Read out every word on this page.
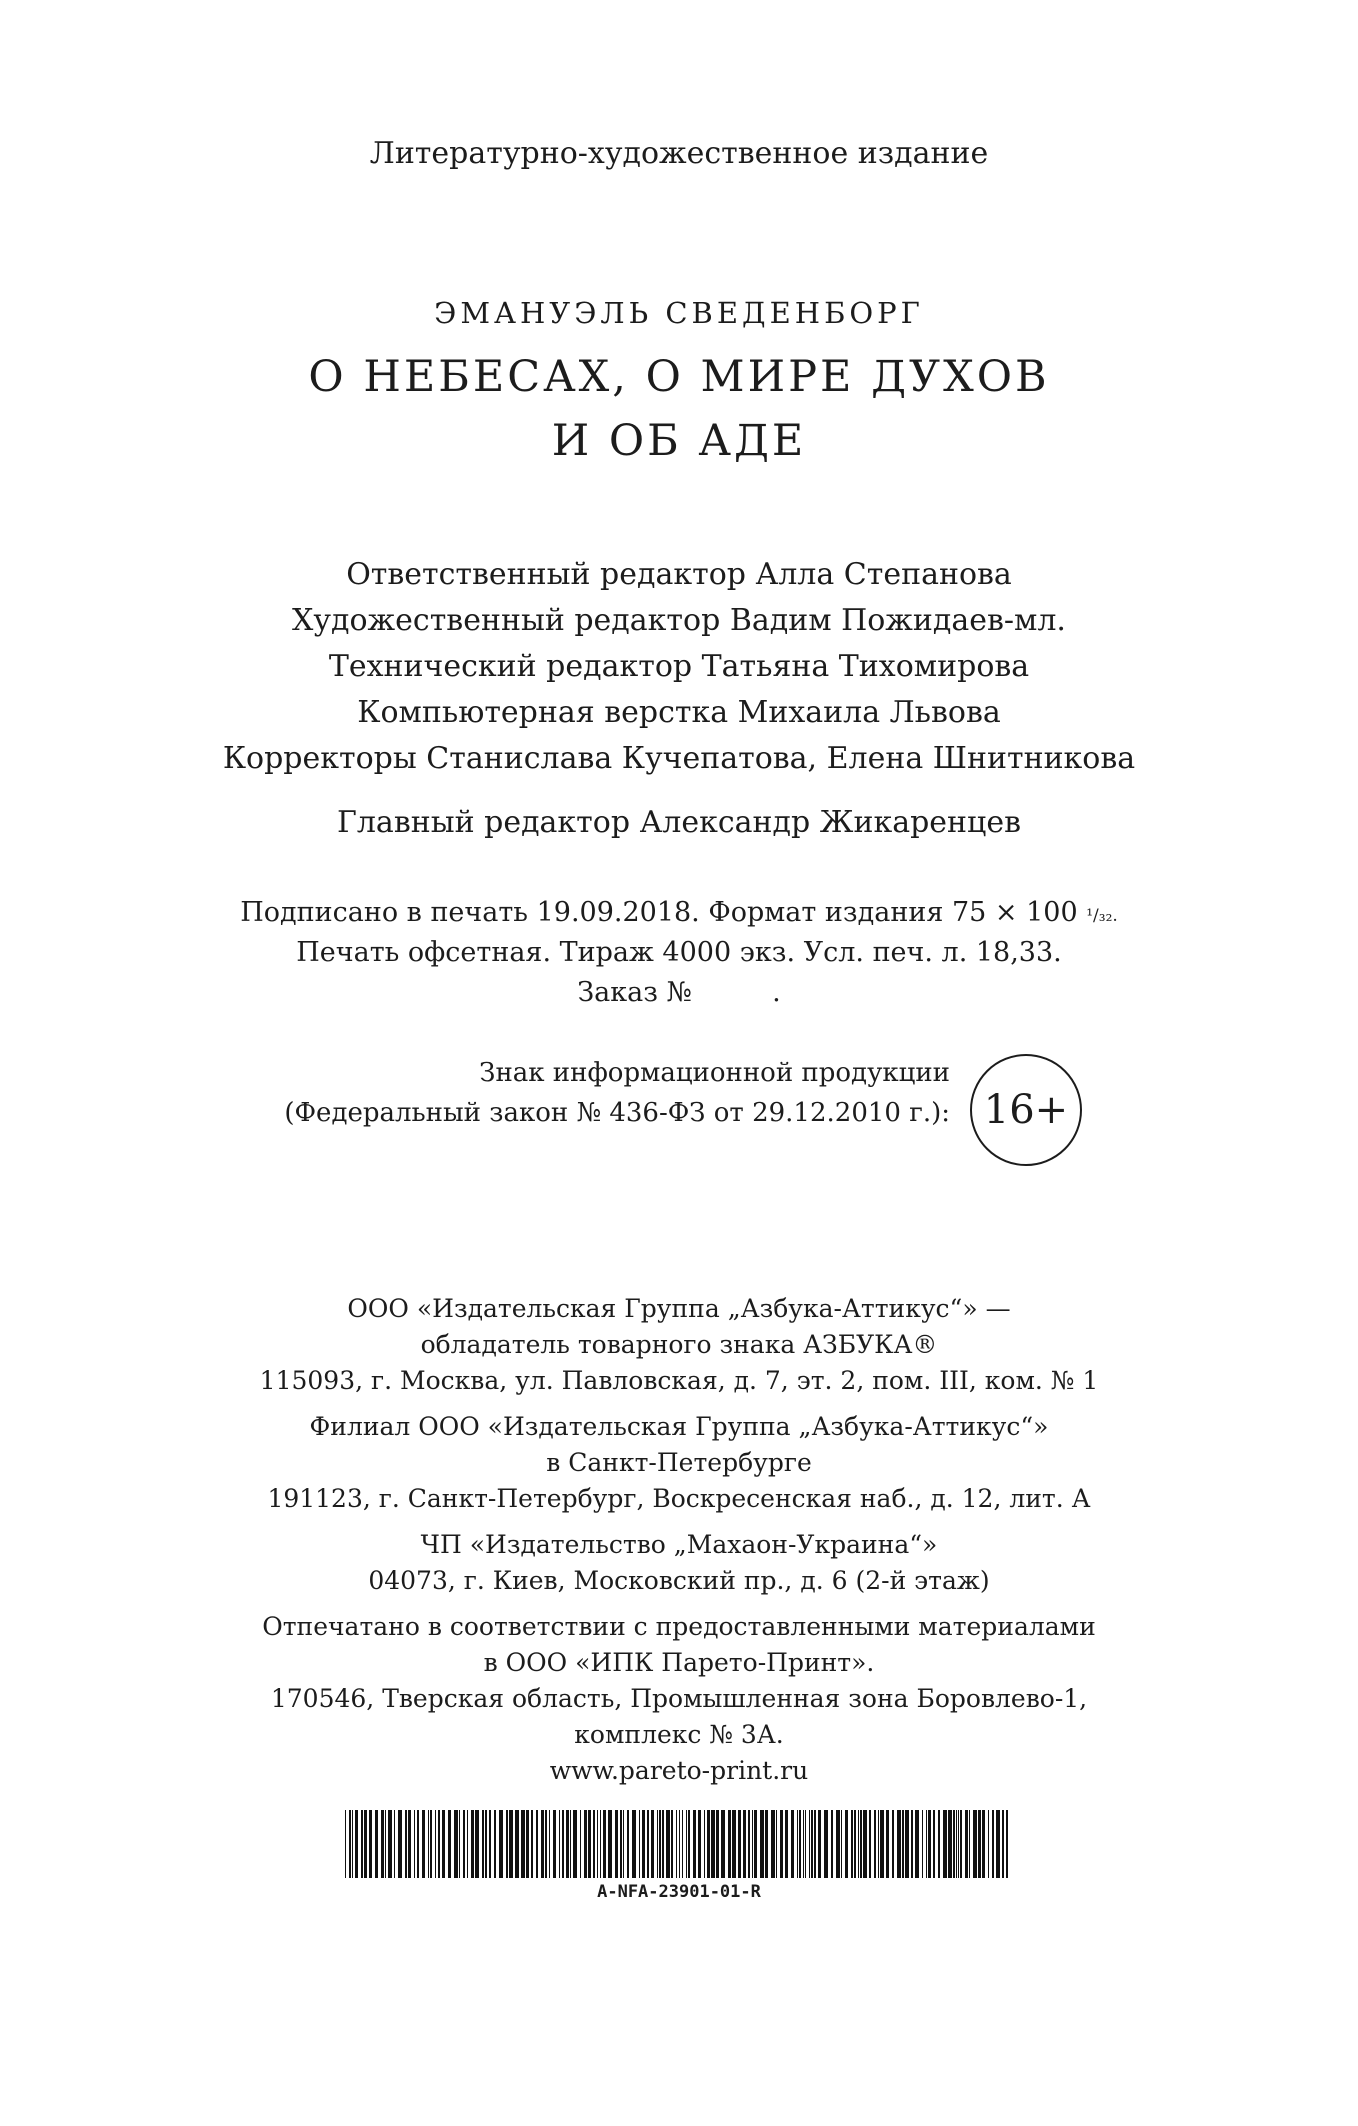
Литературно-художественное издание
ЭМАНУЭЛЬ СВЕДЕНБОРГ
О НЕБЕСАХ, О МИРЕ ДУХОВ
И ОБ АДЕ
Ответственный редактор Алла Степанова
Художественный редактор Вадим Пожидаев-мл.
Технический редактор Татьяна Тихомирова
Компьютерная верстка Михаила Львова
Корректоры Станислава Кучепатова, Елена Шнитникова
Главный редактор Александр Жикаренцев
Подписано в печать 19.09.2018. Формат издания 75 × 100 ¹/₃₂.
Печать офсетная. Тираж 4000 экз. Усл. печ. л. 18,33.
Заказ №	.
Знак информационной продукции
(Федеральный закон № 436-ФЗ от 29.12.2010 г.): 16+
ООО «Издательская Группа „Азбука-Аттикус“» —
обладатель товарного знака АЗБУКА®
115093, г. Москва, ул. Павловская, д. 7, эт. 2, пом. III, ком. № 1
Филиал ООО «Издательская Группа „Азбука-Аттикус“»
в Санкт-Петербурге
191123, г. Санкт-Петербург, Воскресенская наб., д. 12, лит. А
ЧП «Издательство „Махаон-Украина“»
04073, г. Киев, Московский пр., д. 6 (2-й этаж)
Отпечатано в соответствии с предоставленными материалами
в ООО «ИПК Парето-Принт».
170546, Тверская область, Промышленная зона Боровлево-1,
комплекс № 3А.
www.pareto-print.ru
A-NFA-23901-01-R
